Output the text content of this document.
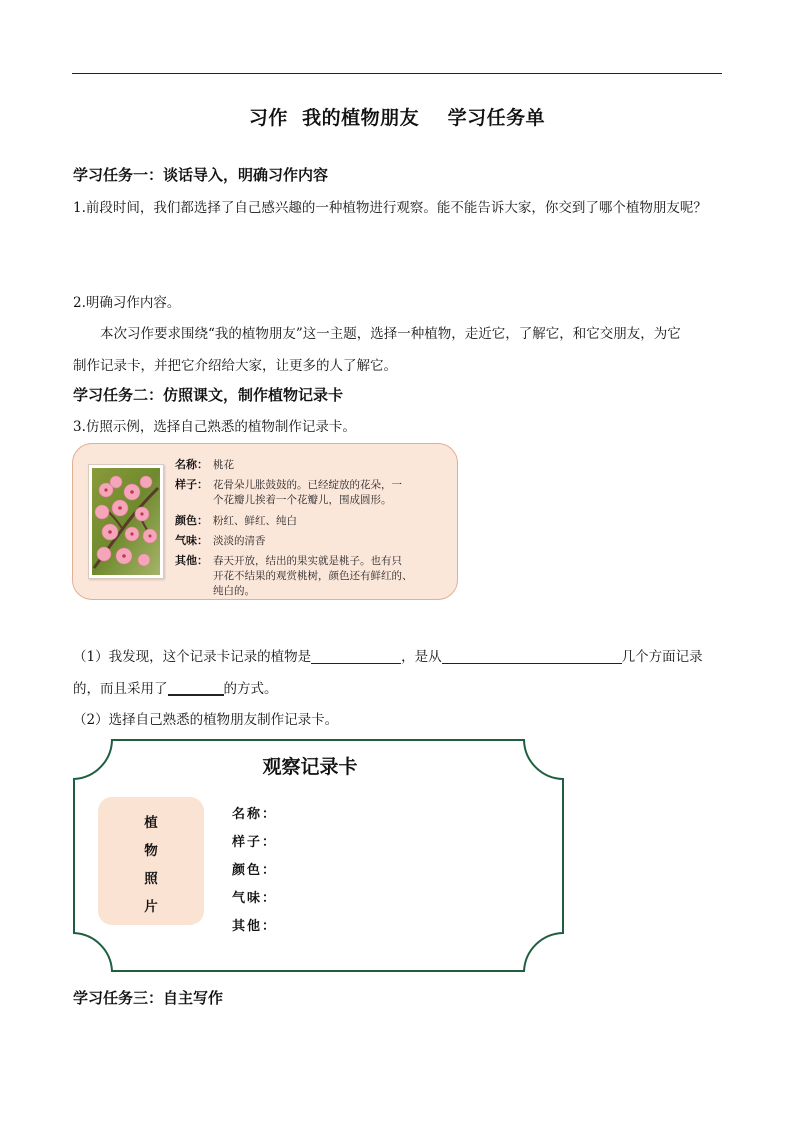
习作  我的植物朋友    学习任务单
学习任务一：谈话导入，明确习作内容
1.前段时间，我们都选择了自己感兴趣的一种植物进行观察。能不能告诉大家，你交到了哪个植物朋友呢？
2.明确习作内容。
本次习作要求围绕“我的植物朋友”这一主题，选择一种植物，走近它，了解它，和它交朋友，为它
制作记录卡，并把它介绍给大家，让更多的人了解它。
学习任务二：仿照课文，制作植物记录卡
3.仿照示例，选择自己熟悉的植物制作记录卡。
名称： 桃花
样子： 花骨朵儿胀鼓鼓的。已经绽放的花朵，一
个花瓣儿挨着一个花瓣儿，围成圆形。
颜色： 粉红、鲜红、纯白
气味： 淡淡的清香
其他： 春天开放，结出的果实就是桃子。也有只
开花不结果的观赏桃树，颜色还有鲜红的、
纯白的。
（1）我发现，这个记录卡记录的植物是	，是从	几个方面记录
的，而且采用了	的方式。
（2）选择自己熟悉的植物朋友制作记录卡。
观察记录卡
植
物
照
片
名称：
样子：
颜色：
气味：
其他：
学习任务三：自主写作
